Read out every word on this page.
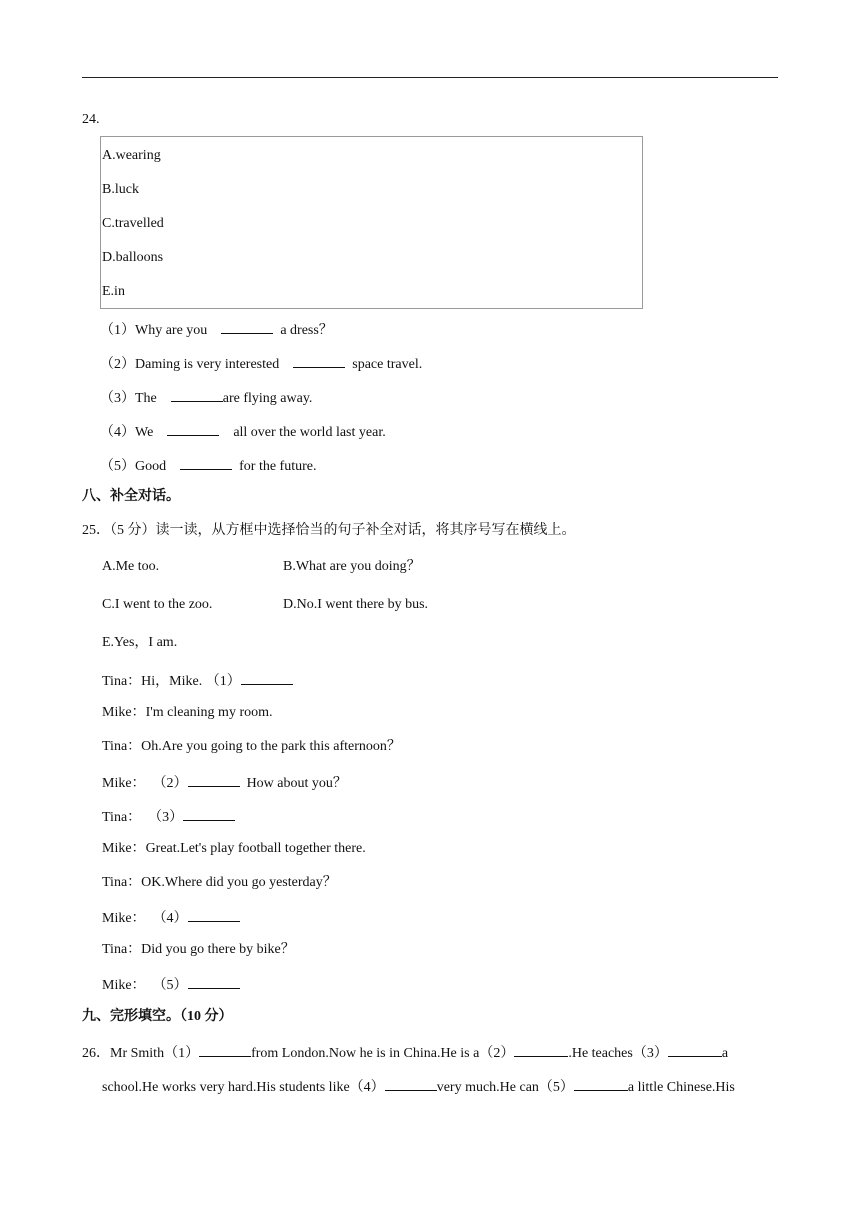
24.
A.wearing
B.luck
C.travelled
D.balloons
E.in
（1）Why are you	a dress？
（2）Daming is very interested	space travel.
（3）The	are flying away.
（4）We	all over the world last year.
（5）Good	for the future.
八、补全对话。
25．（5 分）读一读，从方框中选择恰当的句子补全对话，将其序号写在横线上。
A.Me too.	B.What are you doing？
C.I went to the zoo.	D.No.I went there by bus.
E.Yes，I am.
Tina：Hi，Mike. （1）
Mike：I'm cleaning my room.
Tina：Oh.Are you going to the park this afternoon？
Mike：  （2）	How about you？
Tina：  （3）
Mike：Great.Let's play football together there.
Tina：OK.Where did you go yesterday？
Mike：  （4）
Tina：Did you go there by bike？
Mike：  （5）
九、完形填空。（10 分）
26．Mr Smith（1）	from London.Now he is in China.He is a（2）	.He teaches（3）	a
school.He works very hard.His students like（4）	very much.He can（5）	a little Chinese.His
